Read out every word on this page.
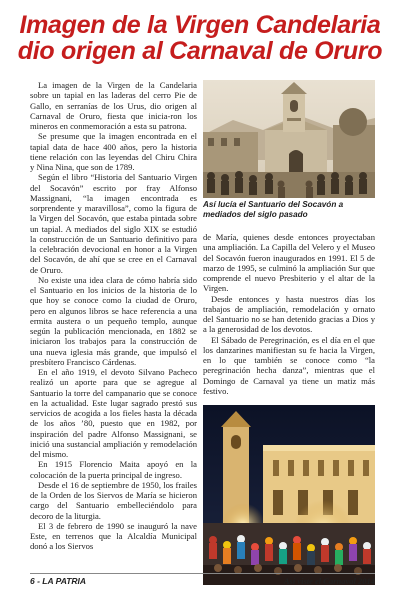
Imagen de la Virgen Candelaria
dio origen al Carnaval de Oruro

La imagen de la Virgen de la Candelaria sobre un tapial en las laderas del cerro Pie de Gallo, en serranías de los Urus, dio origen al Carnaval de Oruro, fiesta que inicia-ron los mineros en conmemoración a esta su patrona.

Se presume que la imagen encontrada en el tapial data de hace 400 años, pero la historia tiene relación con las leyendas del Chiru Chira y Nina Nina, que son de 1789.

Según el libro “Historia del Santuario Virgen del Socavón” escrito por fray Alfonso Massignani, “la imagen encontrada es sorprendente y maravillosa”, como la figura de la Virgen del Socavón, que estaba pintada sobre un tapial. A mediados del siglo XIX se estudió la construcción de un Santuario definitivo para la celebración devocional en honor a la Virgen del Socavón, de ahí que se cree en el Carnaval de Oruro.

No existe una idea clara de cómo habría sido el Santuario en los inicios de la historia de lo que hoy se conoce como la ciudad de Oruro, pero en algunos libros se hace referencia a una ermita austera o un pequeño templo, aunque según la publicación mencionada, en 1882 se iniciaron los trabajos para la construcción de una nueva iglesia más grande, que impulsó el presbítero Francisco Cárdenas.

En el año 1919, el devoto Silvano Pacheco realizó un aporte para que se agregue al Santuario la torre del campanario que se conoce en la actualidad. Este lugar sagrado prestó sus servicios de acogida a los fieles hasta la década de los años ’80, puesto que en 1982, por inspiración del padre Alfonso Massignani, se inició una sustancial ampliación y remodelación del mismo.

En 1915 Florencio Maita apoyó en la colocación de la puerta principal de ingreso.

Desde el 16 de septiembre de 1950, los frailes de la Orden de los Siervos de María se hicieron cargo del Santuario embelleciéndolo para decoro de la liturgia.

El 3 de febrero de 1990 se inauguró la nave Este, en terrenos que la Alcaldía Municipal donó a los Siervos

Así lucía el Santuario del Socavón a mediados del siglo pasado

de María, quienes desde entonces proyectaban una ampliación. La Capilla del Velero y el Museo del Socavón fueron inaugurados en 1991. El 5 de marzo de 1995, se culminó la ampliación Sur que comprende el nuevo Presbiterio y el altar de la Virgen.

Desde entonces y hasta nuestros días los trabajos de ampliación, remodelación y ornato del Santuario no se han detenido gracias a Dios y a la generosidad de los devotos.

El Sábado de Peregrinación, es el día en el que los danzarines manifiestan su fe hacia la Virgen, en lo que también se conoce como “la peregrinación hecha danza”, mientras que el Domingo de Carnaval ya tiene un matiz más festivo.

6 - LA PATRIA	Así viste el Carnaval 2014
